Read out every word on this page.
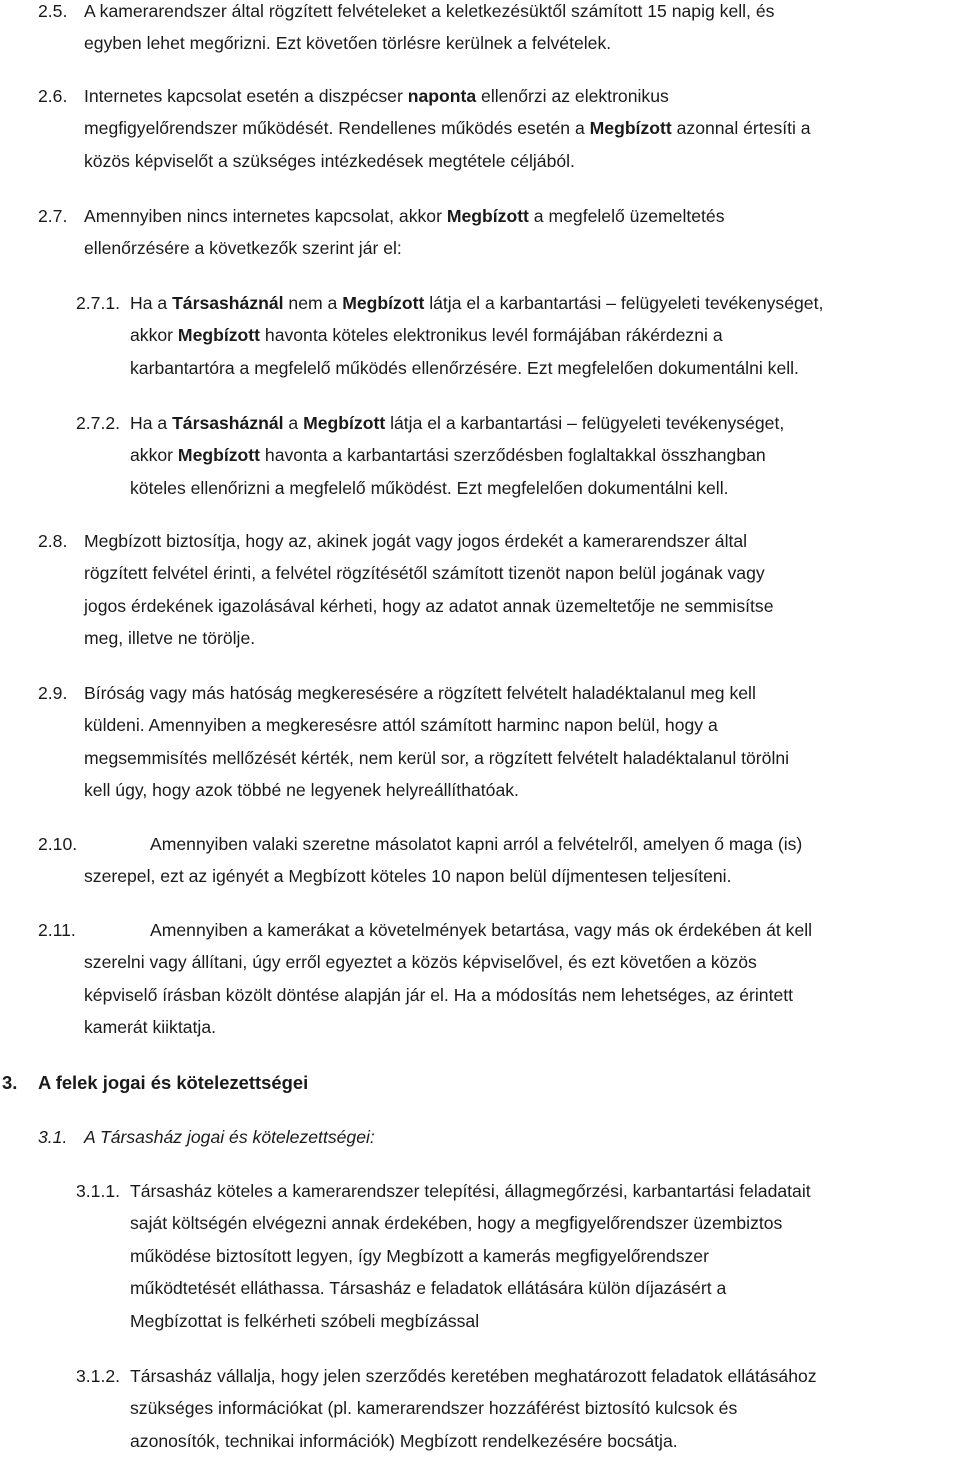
2.5. A kamerarendszer által rögzített felvételeket a keletkezésüktől számított 15 napig kell, és
egyben lehet megőrizni. Ezt követően törlésre kerülnek a felvételek.
2.6. Internetes kapcsolat esetén a diszpécser naponta ellenőrzi az elektronikus
megfigyelőrendszer működését. Rendellenes működés esetén a Megbízott azonnal értesíti a
közös képviselőt a szükséges intézkedések megtétele céljából.
2.7. Amennyiben nincs internetes kapcsolat, akkor Megbízott a megfelelő üzemeltetés
ellenőrzésére a következők szerint jár el:
2.7.1. Ha a Társasháznál nem a Megbízott látja el a karbantartási – felügyeleti tevékenységet,
akkor Megbízott havonta köteles elektronikus levél formájában rákérdezni a
karbantartóra a megfelelő működés ellenőrzésére. Ezt megfelelően dokumentálni kell.
2.7.2. Ha a Társasháznál a Megbízott látja el a karbantartási – felügyeleti tevékenységet,
akkor Megbízott havonta a karbantartási szerződésben foglaltakkal összhangban
köteles ellenőrizni a megfelelő működést. Ezt megfelelően dokumentálni kell.
2.8. Megbízott biztosítja, hogy az, akinek jogát vagy jogos érdekét a kamerarendszer által
rögzített felvétel érinti, a felvétel rögzítésétől számított tizenöt napon belül jogának vagy
jogos érdekének igazolásával kérheti, hogy az adatot annak üzemeltetője ne semmisítse
meg, illetve ne törölje.
2.9. Bíróság vagy más hatóság megkeresésére a rögzített felvételt haladéktalanul meg kell
küldeni. Amennyiben a megkeresésre attól számított harminc napon belül, hogy a
megsemmisítés mellőzését kérték, nem kerül sor, a rögzített felvételt haladéktalanul törölni
kell úgy, hogy azok többé ne legyenek helyreállíthatóak.
2.10.	Amennyiben valaki szeretne másolatot kapni arról a felvételről, amelyen ő maga (is)
szerepel, ezt az igényét a Megbízott köteles 10 napon belül díjmentesen teljesíteni.
2.11.	Amennyiben a kamerákat a követelmények betartása, vagy más ok érdekében át kell
szerelni vagy állítani, úgy erről egyeztet a közös képviselővel, és ezt követően a közös
képviselő írásban közölt döntése alapján jár el. Ha a módosítás nem lehetséges, az érintett
kamerát kiiktatja.
3. A felek jogai és kötelezettségei
3.1. A Társasház jogai és kötelezettségei:
3.1.1. Társasház köteles a kamerarendszer telepítési, állagmegőrzési, karbantartási feladatait
saját költségén elvégezni annak érdekében, hogy a megfigyelőrendszer üzembiztos
működése biztosított legyen, így Megbízott a kamerás megfigyelőrendszer
működtetését elláthassa. Társasház e feladatok ellátására külön díjazásért a
Megbízottat is felkérheti szóbeli megbízással
3.1.2. Társasház vállalja, hogy jelen szerződés keretében meghatározott feladatok ellátásához
szükséges információkat (pl. kamerarendszer hozzáférést biztosító kulcsok és
azonosítók, technikai információk) Megbízott rendelkezésére bocsátja.
